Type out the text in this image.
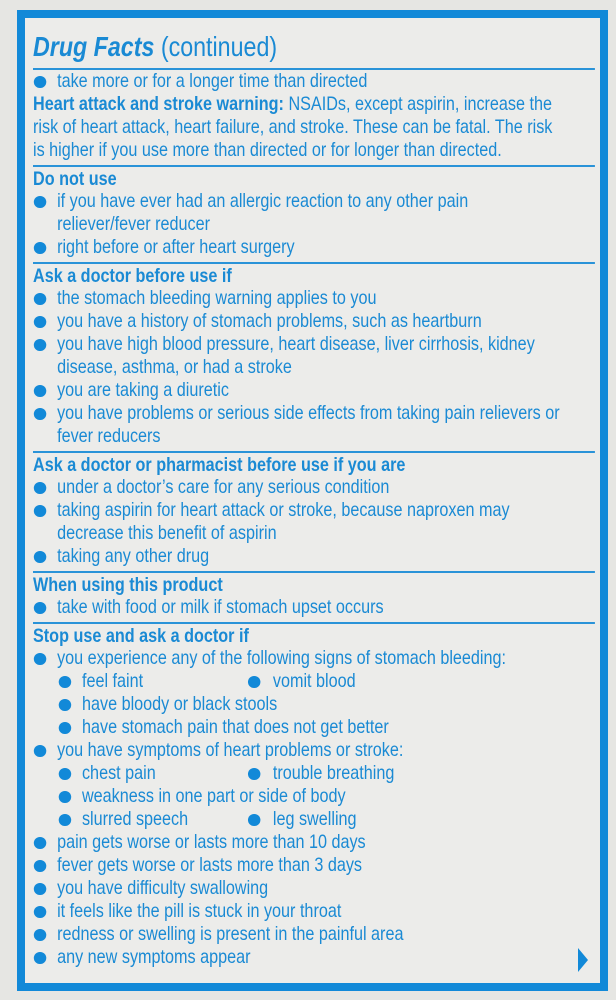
Drug Facts (continued)
take more or for a longer time than directed
Heart attack and stroke warning: NSAIDs, except aspirin, increase the
risk of heart attack, heart failure, and stroke. These can be fatal. The risk
is higher if you use more than directed or for longer than directed.
Do not use
if you have ever had an allergic reaction to any other pain
reliever/fever reducer
right before or after heart surgery
Ask a doctor before use if
the stomach bleeding warning applies to you
you have a history of stomach problems, such as heartburn
you have high blood pressure, heart disease, liver cirrhosis, kidney
disease, asthma, or had a stroke
you are taking a diuretic
you have problems or serious side effects from taking pain relievers or
fever reducers
Ask a doctor or pharmacist before use if you are
under a doctor’s care for any serious condition
taking aspirin for heart attack or stroke, because naproxen may
decrease this benefit of aspirin
taking any other drug
When using this product
take with food or milk if stomach upset occurs
Stop use and ask a doctor if
you experience any of the following signs of stomach bleeding:
feel faint	vomit blood
have bloody or black stools
have stomach pain that does not get better
you have symptoms of heart problems or stroke:
chest pain	trouble breathing
weakness in one part or side of body
slurred speech	leg swelling
pain gets worse or lasts more than 10 days
fever gets worse or lasts more than 3 days
you have difficulty swallowing
it feels like the pill is stuck in your throat
redness or swelling is present in the painful area
any new symptoms appear
